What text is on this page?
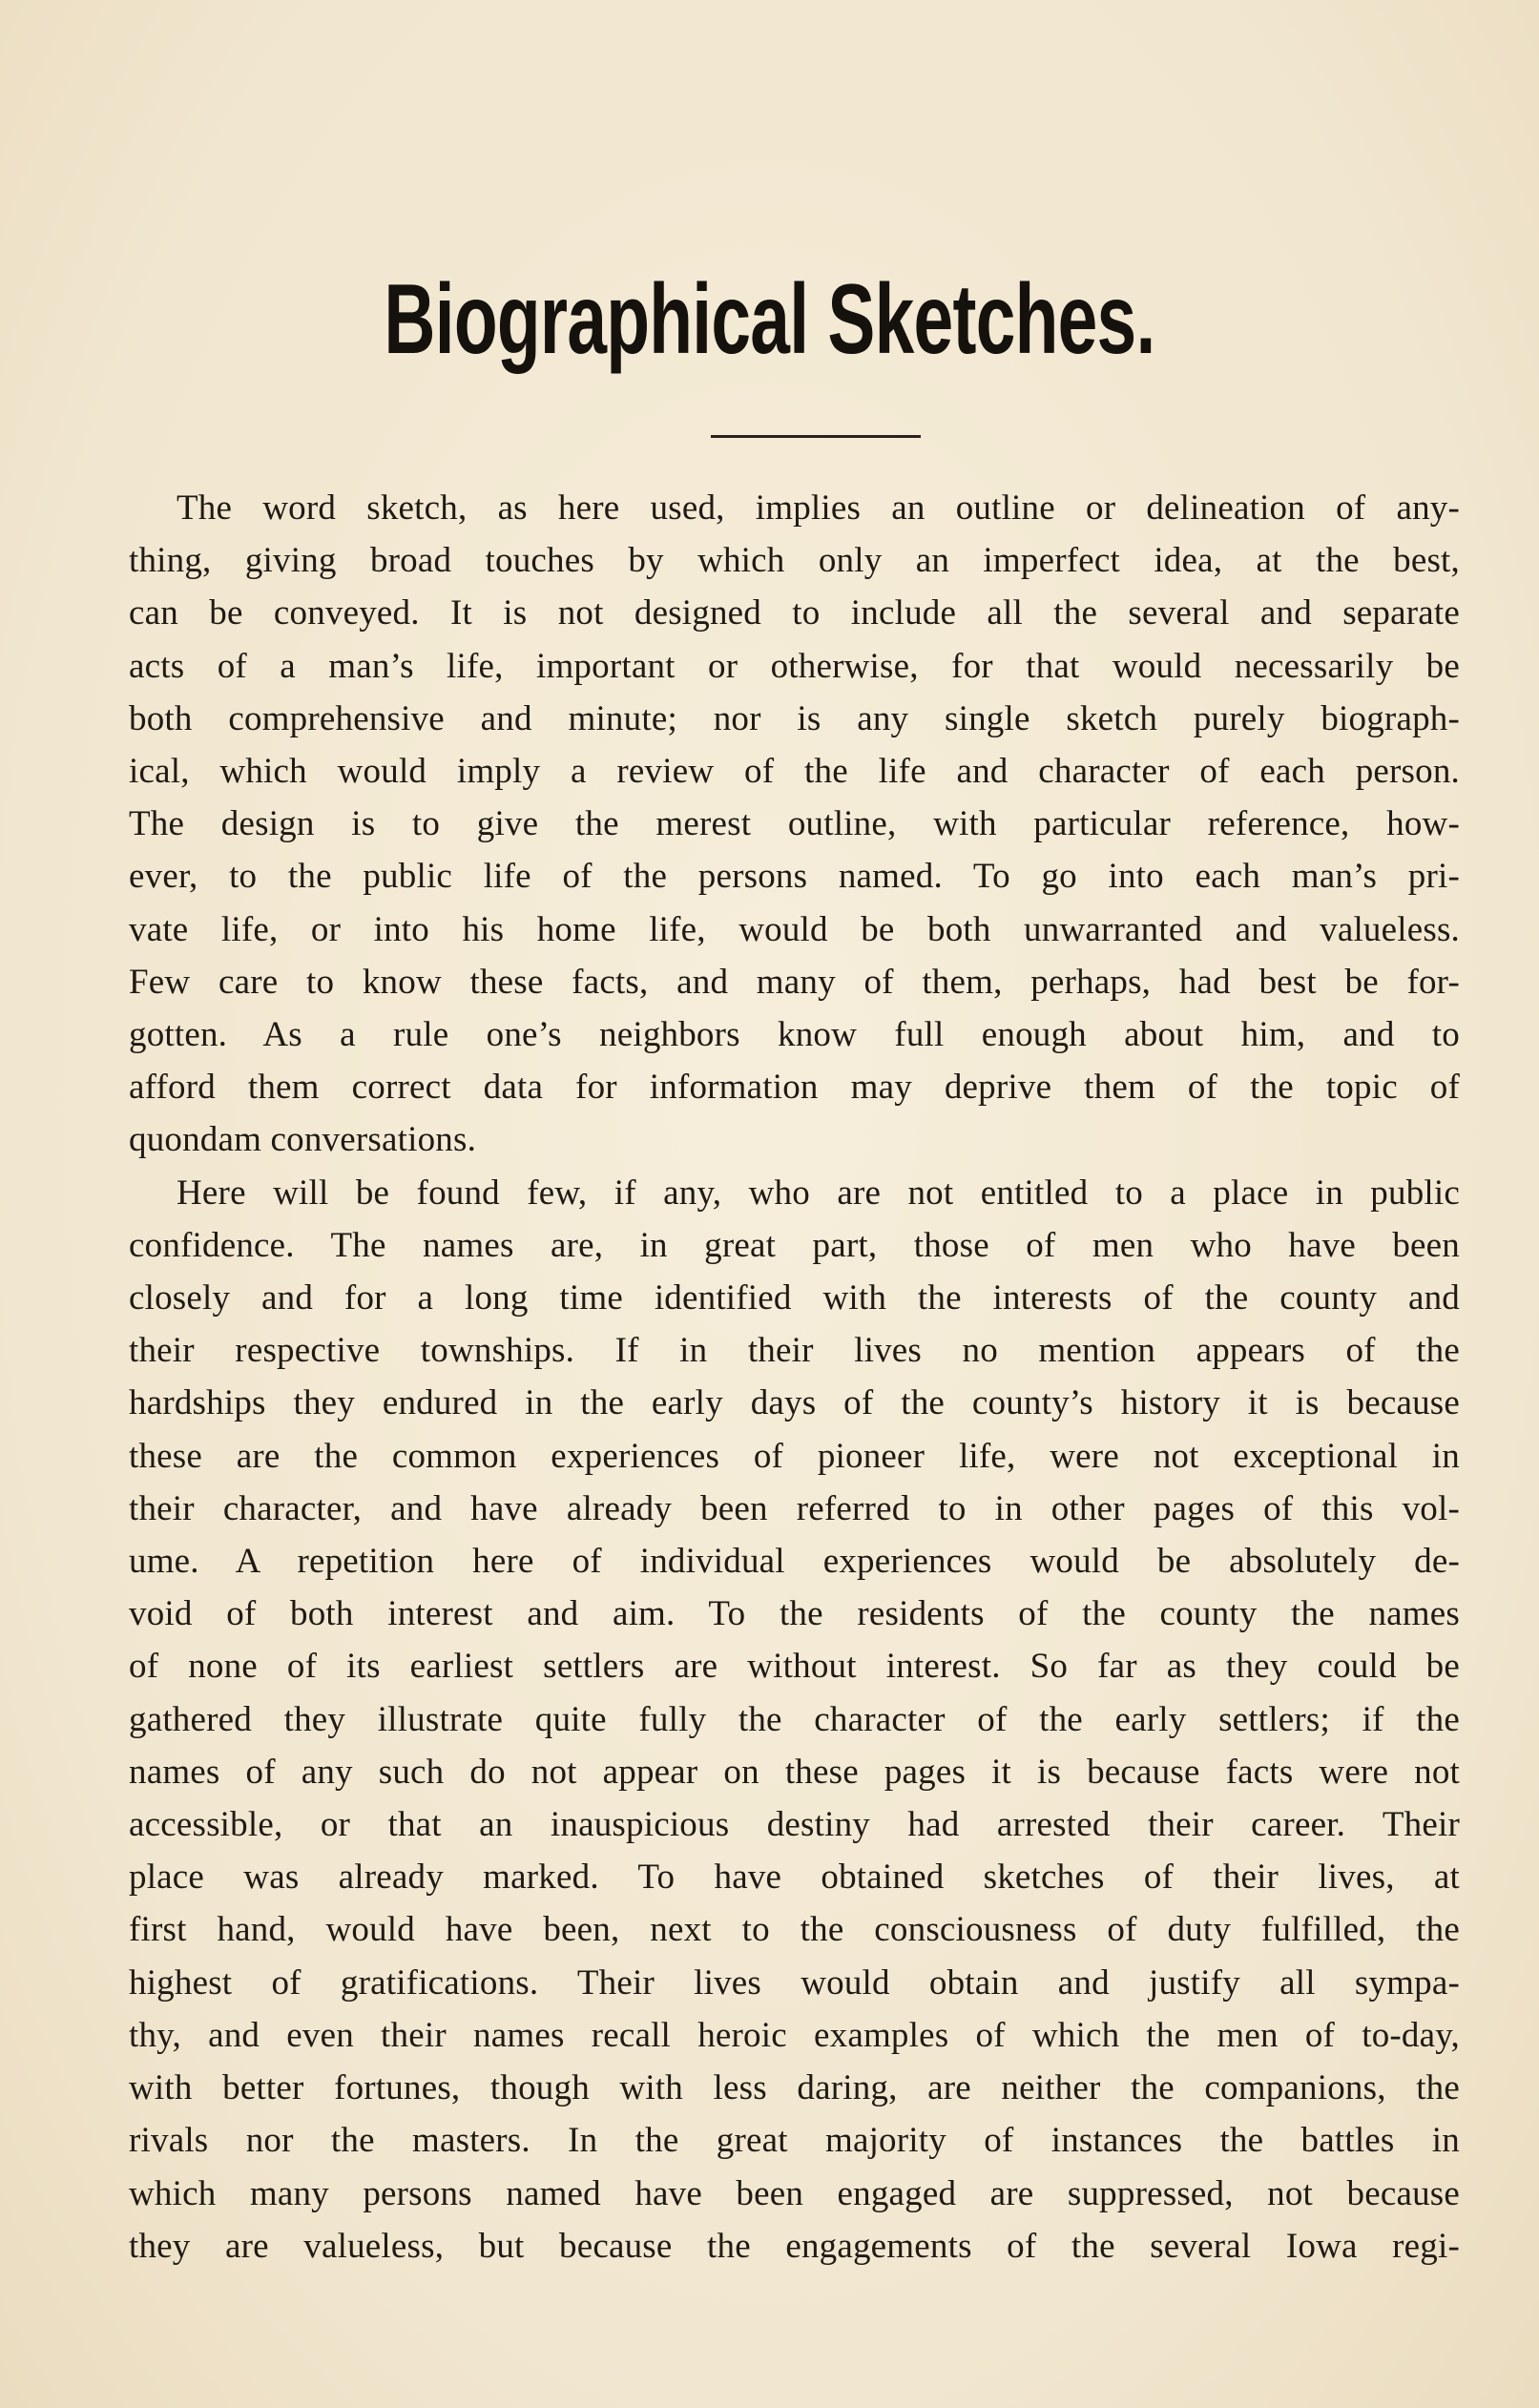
Biographical Sketches.
The word sketch, as here used, implies an outline or delineation of any-
thing, giving broad touches by which only an imperfect idea, at the best,
can be conveyed. It is not designed to include all the several and separate
acts of a man’s life, important or otherwise, for that would necessarily be
both comprehensive and minute; nor is any single sketch purely biograph-
ical, which would imply a review of the life and character of each person.
The design is to give the merest outline, with particular reference, how-
ever, to the public life of the persons named. To go into each man’s pri-
vate life, or into his home life, would be both unwarranted and valueless.
Few care to know these facts, and many of them, perhaps, had best be for-
gotten. As a rule one’s neighbors know full enough about him, and to
afford them correct data for information may deprive them of the topic of
quondam conversations.
Here will be found few, if any, who are not entitled to a place in public
confidence. The names are, in great part, those of men who have been
closely and for a long time identified with the interests of the county and
their respective townships. If in their lives no mention appears of the
hardships they endured in the early days of the county’s history it is because
these are the common experiences of pioneer life, were not exceptional in
their character, and have already been referred to in other pages of this vol-
ume. A repetition here of individual experiences would be absolutely de-
void of both interest and aim. To the residents of the county the names
of none of its earliest settlers are without interest. So far as they could be
gathered they illustrate quite fully the character of the early settlers; if the
names of any such do not appear on these pages it is because facts were not
accessible, or that an inauspicious destiny had arrested their career. Their
place was already marked. To have obtained sketches of their lives, at
first hand, would have been, next to the consciousness of duty fulfilled, the
highest of gratifications. Their lives would obtain and justify all sympa-
thy, and even their names recall heroic examples of which the men of to-day,
with better fortunes, though with less daring, are neither the companions, the
rivals nor the masters. In the great majority of instances the battles in
which many persons named have been engaged are suppressed, not because
they are valueless, but because the engagements of the several Iowa regi-
